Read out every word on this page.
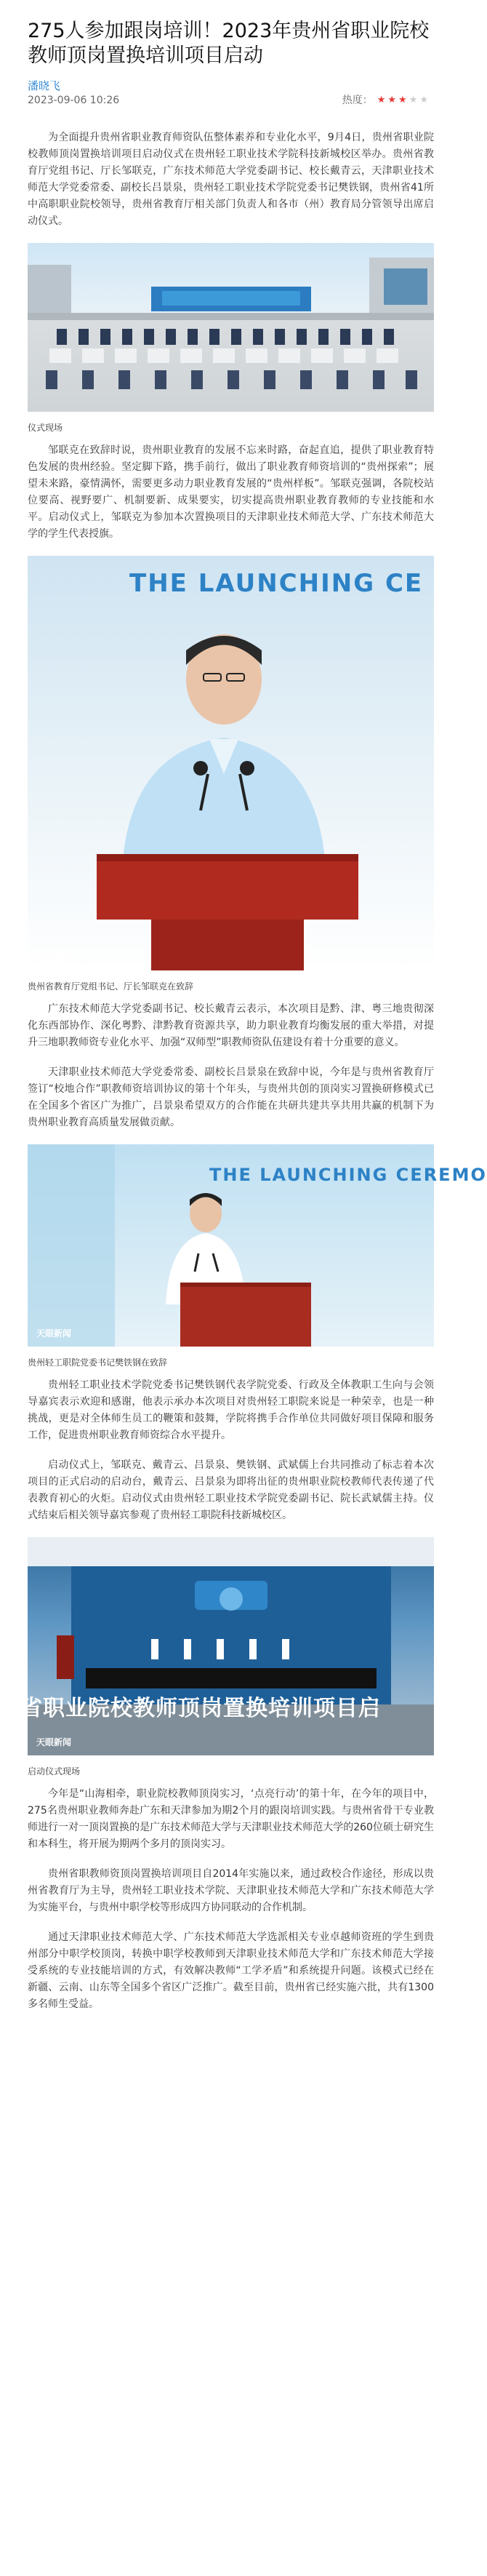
275人参加跟岗培训！2023年贵州省职业院校教师顶岗置换培训项目启动
潘晓飞
2023-09-06 10:26	热度： ★ ★ ★ ★ ★

为全面提升贵州省职业教育师资队伍整体素养和专业化水平，9月4日，贵州省职业院校教师顶岗置换培训项目启动仪式在贵州轻工职业技术学院科技新城校区举办。贵州省教育厅党组书记、厅长邹联克，广东技术师范大学党委副书记、校长戴青云，天津职业技术师范大学党委常委、副校长吕景泉，贵州轻工职业技术学院党委书记樊铁钢，贵州省41所中高职职业院校领导，贵州省教育厅相关部门负责人和各市（州）教育局分管领导出席启动仪式。

仪式现场

邹联克在致辞时说，贵州职业教育的发展不忘来时路，奋起直追，提供了职业教育特色发展的贵州经验。坚定脚下路，携手前行，做出了职业教育师资培训的“贵州探索”；展望未来路，豪情满怀，需要更多动力职业教育发展的“贵州样板”。邹联克强调，各院校站位要高、视野要广、机制要新、成果要实，切实提高贵州职业教育教师的专业技能和水平。启动仪式上，邹联克为参加本次置换项目的天津职业技术师范大学、广东技术师范大学的学生代表授旗。

THE LAUNCHING CE
天眼新闻
贵州省教育厅党组书记、厅长邹联克在致辞

广东技术师范大学党委副书记、校长戴青云表示，本次项目是黔、津、粤三地贵彻深化东西部协作、深化粤黔、津黔教育资源共享，助力职业教育均衡发展的重大举措，对提升三地职教师资专业化水平、加强“双师型”职教师资队伍建设有着十分重要的意义。

天津职业技术师范大学党委常委、副校长吕景泉在致辞中说，今年是与贵州省教育厅签订“校地合作”职教师资培训协议的第十个年头，与贵州共创的顶岗实习置换研修模式已在全国多个省区广为推广，吕景泉希望双方的合作能在共研共建共享共用共赢的机制下为贵州职业教育高质量发展做贡献。

THE LAUNCHING CEREMO
天眼新闻
贵州轻工职院党委书记樊铁钢在致辞

贵州轻工职业技术学院党委书记樊铁钢代表学院党委、行政及全体教职工生向与会领导嘉宾表示欢迎和感谢，他表示承办本次项目对贵州轻工职院来说是一种荣幸，也是一种挑战，更是对全体师生员工的鞭策和鼓舞，学院将携手合作单位共同做好项目保障和服务工作，促进贵州职业教育师资综合水平提升。

启动仪式上，邹联克、戴青云、吕景泉、樊铁钢、武斌儒上台共同推动了标志着本次项目的正式启动的启动台，戴青云、吕景泉为即将出征的贵州职业院校教师代表传递了代表教育初心的火炬。启动仪式由贵州轻工职业技术学院党委副书记、院长武斌儒主持。仪式结束后相关领导嘉宾参观了贵州轻工职院科技新城校区。

省职业院校教师顶岗置换培训项目启
天眼新闻
启动仪式现场

今年是“山海相牵，职业院校教师顶岗实习，‘点亮行动’的第十年，在今年的项目中，275名贵州职业教师奔赴广东和天津参加为期2个月的跟岗培训实践。与贵州省骨干专业教师进行一对一顶岗置换的是广东技术师范大学与天津职业技术师范大学的260位硕士研究生和本科生，将开展为期两个多月的顶岗实习。

贵州省职教师资顶岗置换培训项目自2014年实施以来，通过政校合作途径，形成以贵州省教育厅为主导，贵州轻工职业技术学院、天津职业技术师范大学和广东技术师范大学为实施平台，与贵州中职学校等形成四方协同联动的合作机制。

通过天津职业技术师范大学、广东技术师范大学选派相关专业卓越师资班的学生到贵州部分中职学校顶岗，转换中职学校教师到天津职业技术师范大学和广东技术师范大学接受系统的专业技能培训的方式，有效解决教师“工学矛盾”和系统提升问题。该模式已经在新疆、云南、山东等全国多个省区广泛推广。截至目前，贵州省已经实施六批，共有1300多名师生受益。
